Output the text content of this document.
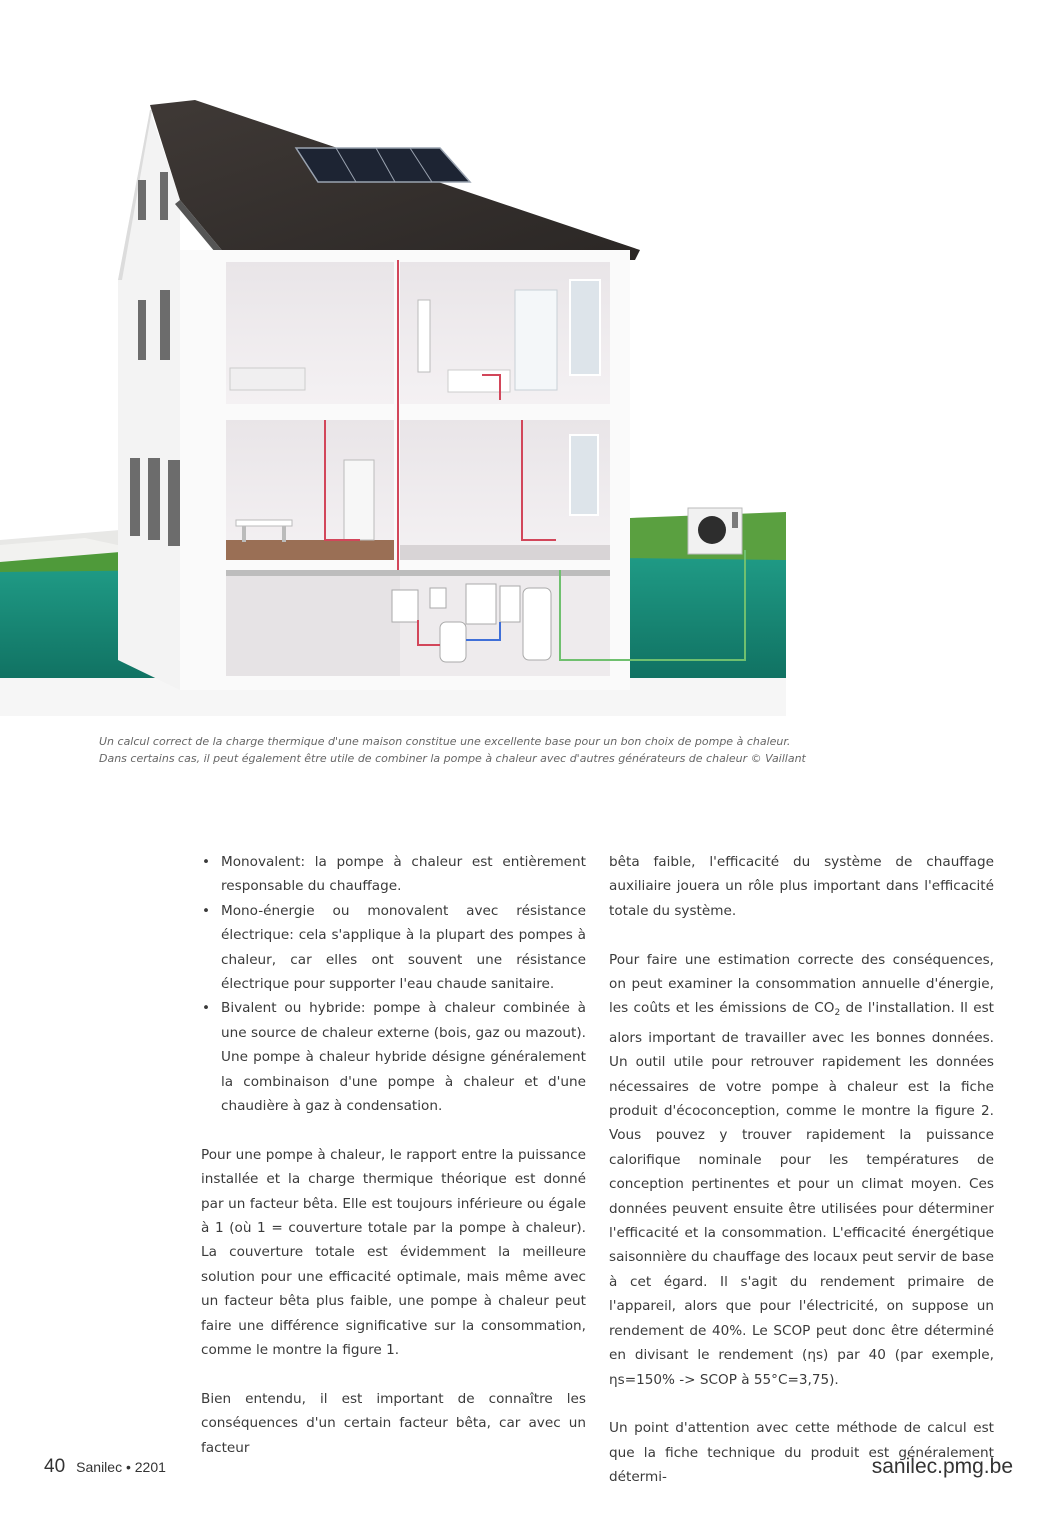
Un calcul correct de la charge thermique d'une maison constitue une excellente base pour un bon choix de pompe à chaleur.
Dans certains cas, il peut également être utile de combiner la pompe à chaleur avec d'autres générateurs de chaleur © Vaillant
• Monovalent: la pompe à chaleur est entièrement responsable du chauffage.
• Mono-énergie ou monovalent avec résistance électrique: cela s'applique à la plupart des pompes à chaleur, car elles ont souvent une résistance électrique pour supporter l'eau chaude sanitaire.
• Bivalent ou hybride: pompe à chaleur combinée à une source de chaleur externe (bois, gaz ou mazout). Une pompe à chaleur hybride désigne généralement la combinaison d'une pompe à chaleur et d'une chaudière à gaz à condensation.

Pour une pompe à chaleur, le rapport entre la puissance installée et la charge thermique théorique est donné par un facteur bêta. Elle est toujours inférieure ou égale à 1 (où 1 = couverture totale par la pompe à chaleur). La couverture totale est évidemment la meilleure solution pour une efficacité optimale, mais même avec un facteur bêta plus faible, une pompe à chaleur peut faire une différence significative sur la consommation, comme le montre la figure 1.

Bien entendu, il est important de connaître les conséquences d'un certain facteur bêta, car avec un facteur

bêta faible, l'efficacité du système de chauffage auxiliaire jouera un rôle plus important dans l'efficacité totale du système.

Pour faire une estimation correcte des conséquences, on peut examiner la consommation annuelle d'énergie, les coûts et les émissions de $CO_2$ de l'installation. Il est alors important de travailler avec les bonnes données. Un outil utile pour retrouver rapidement les données nécessaires de votre pompe à chaleur est la fiche produit d'écoconception, comme le montre la figure 2. Vous pouvez y trouver rapidement la puissance calorifique nominale pour les températures de conception pertinentes et pour un climat moyen. Ces données peuvent ensuite être utilisées pour déterminer l'efficacité et la consommation. L'efficacité énergétique saisonnière du chauffage des locaux peut servir de base à cet égard. Il s'agit du rendement primaire de l'appareil, alors que pour l'électricité, on suppose un rendement de 40%. Le SCOP peut donc être déterminé en divisant le rendement (ηs) par 40 (par exemple, ηs=150% -> SCOP à 55°C=3,75).

Un point d'attention avec cette méthode de calcul est que la fiche technique du produit est généralement détermi-

40 Sanilec • 2201	sanilec.pmg.be
